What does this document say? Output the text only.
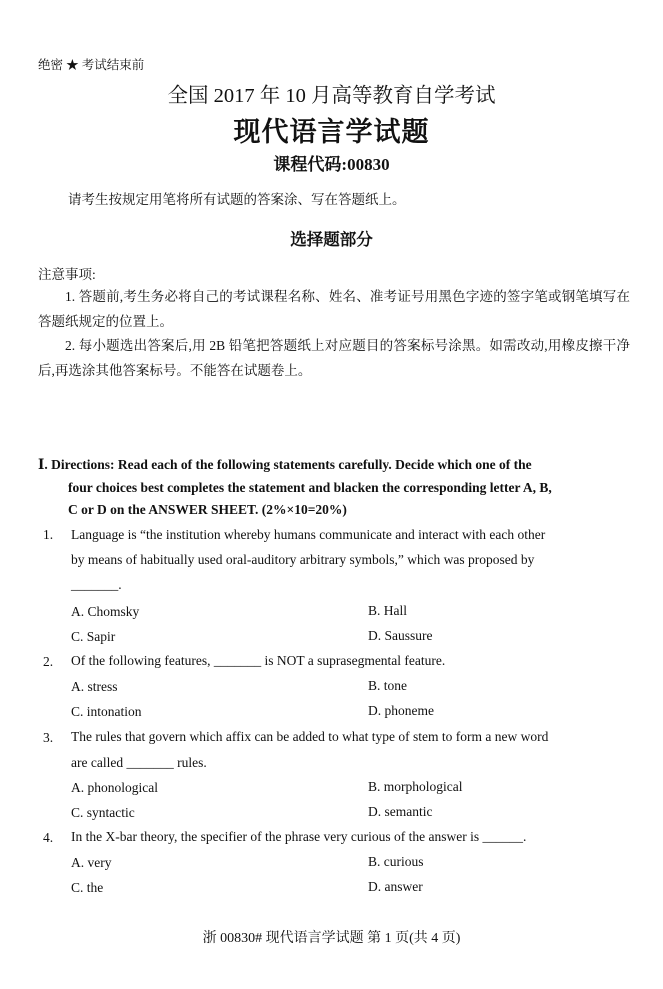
绝密 ★ 考试结束前
全国 2017 年 10 月高等教育自学考试
现代语言学试题
课程代码:00830
请考生按规定用笔将所有试题的答案涂、写在答题纸上。
选择题部分
注意事项:
1. 答题前,考生务必将自己的考试课程名称、姓名、准考证号用黑色字迹的签字笔或钢笔填写在答题纸规定的位置上。
2. 每小题选出答案后,用 2B 铅笔把答题纸上对应题目的答案标号涂黑。如需改动,用橡皮擦干净后,再选涂其他答案标号。不能答在试题卷上。
Ⅰ. Directions: Read each of the following statements carefully. Decide which one of the
four choices best completes the statement and blacken the corresponding letter A, B,
C or D on the ANSWER SHEET. (2%×10=20%)
1. Language is “the institution whereby humans communicate and interact with each other
by means of habitually used oral-auditory arbitrary symbols,” which was proposed by
_______.
A. Chomsky	B. Hall
C. Sapir	D. Saussure
2. Of the following features, _______ is NOT a suprasegmental feature.
A. stress	B. tone
C. intonation	D. phoneme
3. The rules that govern which affix can be added to what type of stem to form a new word
are called _______ rules.
A. phonological	B. morphological
C. syntactic	D. semantic
4. In the X-bar theory, the specifier of the phrase very curious of the answer is ______.
A. very	B. curious
C. the	D. answer
浙 00830# 现代语言学试题 第 1 页(共 4 页)
